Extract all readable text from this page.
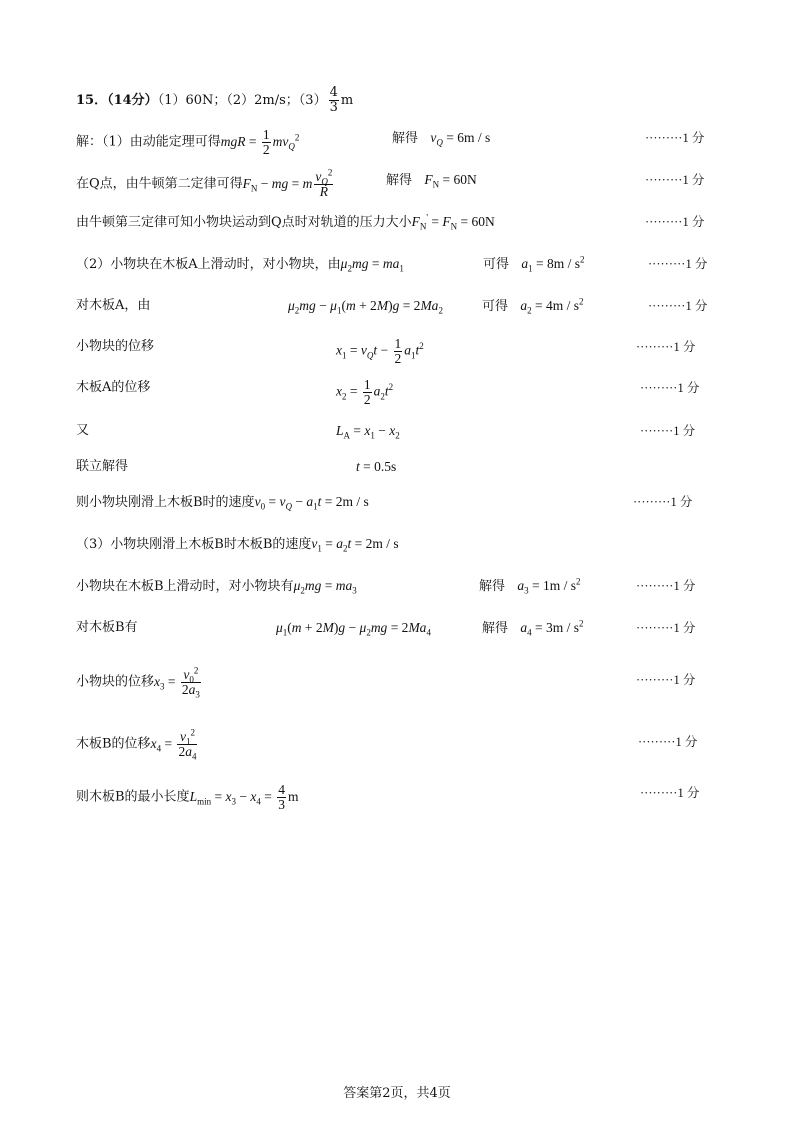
15．（14分）（1）60N；（2）2m/s；$(3) \frac{4}{3}$ m
解：（1）由动能定理可得mgR = $\frac{1}{2} mv_Q^2$	解得 $v_Q = 6m / s$	·········1 分
在Q点，由牛顿第二定律可得$F_N$ − mg = m $\frac{v_Q^2}{R}$	解得 $F_N = 60N$	·········1 分
由牛顿第三定律可知小物块运动到Q点时对轨道的压力大小$F_N' = F_N = 60N$	·········1 分
（2）小物块在木板A上滑动时，对小物块，由$\mu_2mg = ma_1$	可得 $a_1 = 8m / s^2$	·········1 分
对木板A，由	$\mu_2mg - \mu_1(m + 2M)g = 2Ma_2$	可得 $a_2 = 4m / s^2$	·········1 分
小物块的位移	$x_1 = v_Qt - \frac{1}{2} a_1t^2$	·········1 分
木板A的位移	$x_2 = \frac{1}{2} a_2t^2$	·········1 分
又	$L_A = x_1 - x_2$	········1 分
联立解得	t = 0.5s
则小物块刚滑上木板B时的速度$v_0 = v_Q - a_1t = 2m / s$	·········1 分
（3）小物块刚滑上木板B时木板B的速度$v_1 = a_2t = 2m / s$
小物块在木板B上滑动时，对小物块有$\mu_2mg = ma_3$	解得 $a_3 = 1m / s^2$	·········1 分
对木板B有	$\mu_1(m + 2M)g - \mu_2mg = 2Ma_4$	解得 $a_4 = 3m / s^2$	·········1 分
小物块的位移$x_3 = \frac{v_0^2}{2a_3}$	·········1 分
木板B的位移$x_4 = \frac{v_1^2}{2a_4}$	·········1 分
则木板B的最小长度$L_{min} = x_3 - x_4 = \frac{4}{3}$ m	·········1 分
答案第2页，共4页
